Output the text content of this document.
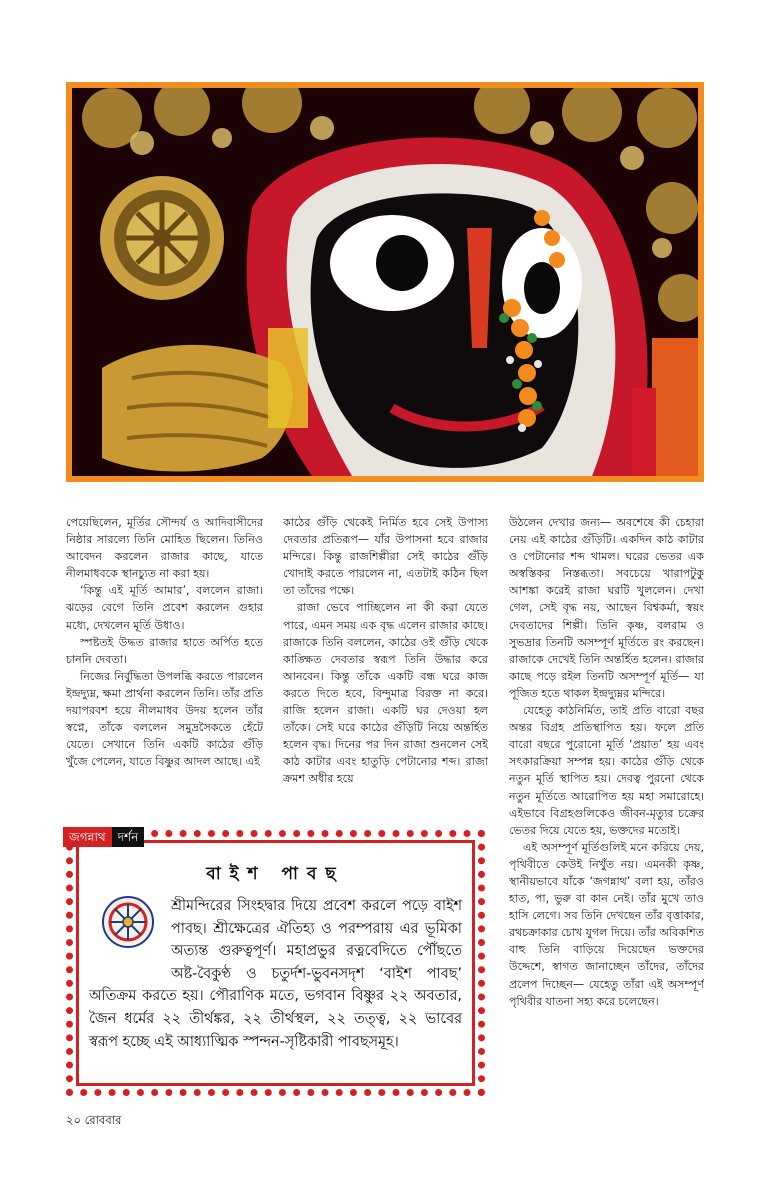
পেয়েছিলেন, মূর্তির সৌন্দর্য ও আদিবাসীদের নিষ্ঠার সারল্যে তিনি মোহিত ছিলেন। তিনিও আবেদন করলেন রাজার কাছে, যাতে নীলমাধবকে স্থানচ্যুত না করা হয়।

‘কিন্তু এই মূর্তি আমার’, বললেন রাজা। ঝড়ের বেগে তিনি প্রবেশ করলেন গুহার মধ্যে, দেখলেন মূর্তি উধাও।

স্পষ্টতই উদ্ধত রাজার হাতে অর্পিত হতে চাননি দেবতা।

নিজের নির্বুদ্ধিতা উপলব্ধি করতে পারলেন ইন্দ্রদ্যুম্ন, ক্ষমা প্রার্থনা করলেন তিনি। তাঁর প্রতি দয়াপরবশ হয়ে নীলমাধব উদয় হলেন তাঁর স্বপ্নে, তাঁকে বললেন সমুদ্রসৈকতে হেঁটে যেতে। সেখানে তিনি একটি কাঠের গুঁড়ি খুঁজে পেলেন, যাতে বিষ্ণুর আদল আছে। এই

কাঠের গুঁড়ি থেকেই নির্মিত হবে সেই উপাস্য দেবতার প্রতিরূপ— যাঁর উপাসনা হবে রাজার মন্দিরে। কিন্তু রাজশিল্পীরা সেই কাঠের গুঁড়ি খোদাই করতে পারলেন না, এতটাই কঠিন ছিল তা তাঁদের পক্ষে।

রাজা ভেবে পাচ্ছিলেন না কী করা যেতে পারে, এমন সময় এক বৃদ্ধ এলেন রাজার কাছে। রাজাকে তিনি বললেন, কাঠের ওই গুঁড়ি থেকে কাঙ্ক্ষিত দেবতার স্বরূপ তিনি উদ্ধার করে আনবেন। কিন্তু তাঁকে একটি বন্ধ ঘরে কাজ করতে দিতে হবে, বিন্দুমাত্র বিরক্ত না করে। রাজি হলেন রাজা। একটি ঘর দেওয়া হল তাঁকে। সেই ঘরে কাঠের গুঁড়িটি নিয়ে অন্তর্হিত হলেন বৃদ্ধ। দিনের পর দিন রাজা শুনলেন সেই কাঠ কাটার এবং হাতুড়ি পেটানোর শব্দ। রাজা ক্রমশ অধীর হয়ে

উঠলেন দেখার জন্য— অবশেষে কী চেহারা নেয় এই কাঠের গুঁড়িটি। একদিন কাঠ কাটার ও পেটানোর শব্দ থামল। ঘরের ভেতর এক অস্বস্তিকর নিস্তব্ধতা। সবচেয়ে খারাপটুকু আশঙ্কা করেই রাজা ঘরটি খুললেন। দেখা গেল, সেই বৃদ্ধ নয়, আছেন বিশ্বকর্মা, স্বয়ং দেবতাদের শিল্পী। তিনি কৃষ্ণ, বলরাম ও সুভদ্রার তিনটি অসম্পূর্ণ মূর্তিতে রং করছেন। রাজাকে দেখেই তিনি অন্তর্হিত হলেন। রাজার কাছে পড়ে রইল তিনটি অসম্পূর্ণ মূর্তি— যা পূজিত হতে থাকল ইন্দ্রদ্যুম্নর মন্দিরে।

যেহেতু কাঠনির্মিত, তাই প্রতি বারো বছর অন্তর বিগ্রহ প্রতিস্থাপিত হয়। ফলে প্রতি বারো বছরে পুরোনো মূর্তি ‘প্রয়াত’ হয় এবং সৎকারক্রিয়া সম্পন্ন হয়। কাঠের গুঁড়ি থেকে নতুন মূর্তি স্থাপিত হয়। দেবত্ব পুরনো থেকে নতুন মূর্তিতে আরোপিত হয় মহা সমারোহে। এইভাবে বিগ্রহগুলিকেও জীবন-মৃত্যুর চক্রের ভেতর দিয়ে যেতে হয়, ভক্তদের মতোই।

এই অসম্পূর্ণ মূর্তিগুলিই মনে করিয়ে দেয়, পৃথিবীতে কেউই নিখুঁত নয়। এমনকী কৃষ্ণ, স্থানীয়ভাবে যাঁকে ‘জগন্নাথ’ বলা হয়, তাঁরও হাত, পা, ভুরু বা কান নেই। তাঁর মুখে তাও হাসি লেগে। সব তিনি দেখছেন তাঁর বৃত্তাকার, রথচক্রাকার চোখ যুগল দিয়ে। তাঁর অবিকশিত বাহু তিনি বাড়িয়ে দিয়েছেন ভক্তদের উদ্দেশে, স্বাগত জানাচ্ছেন তাঁদের, তাঁদের প্রলেপ দিচ্ছেন— যেহেতু তাঁরা এই অসম্পূর্ণ পৃথিবীর যাতনা সহ্য করে চলেছেন।

বাইশ পাবছ
শ্রীমন্দিরের সিংহদ্বার দিয়ে প্রবেশ করলে পড়ে বাইশ পাবছ। শ্রীক্ষেত্রের ঐতিহ্য ও পরম্পরায় এর ভূমিকা অত্যন্ত গুরুত্বপূর্ণ। মহাপ্রভুর রত্নবেদিতে পৌঁছতে অষ্ট-বৈকুণ্ঠ ও চতুর্দশ-ভুবনসদৃশ ‘বাইশ পাবছ’ অতিক্রম করতে হয়। পৌরাণিক মতে, ভগবান বিষ্ণুর ২২ অবতার, জৈন ধর্মের ২২ তীর্থঙ্কর, ২২ তীর্থস্থল, ২২ তত্ত্ব, ২২ ভাবের স্বরূপ হচ্ছে এই আধ্যাত্মিক স্পন্দন-সৃষ্টিকারী পাবছসমূহ।
জগন্নাথ	দর্শন
২০ রোববার
